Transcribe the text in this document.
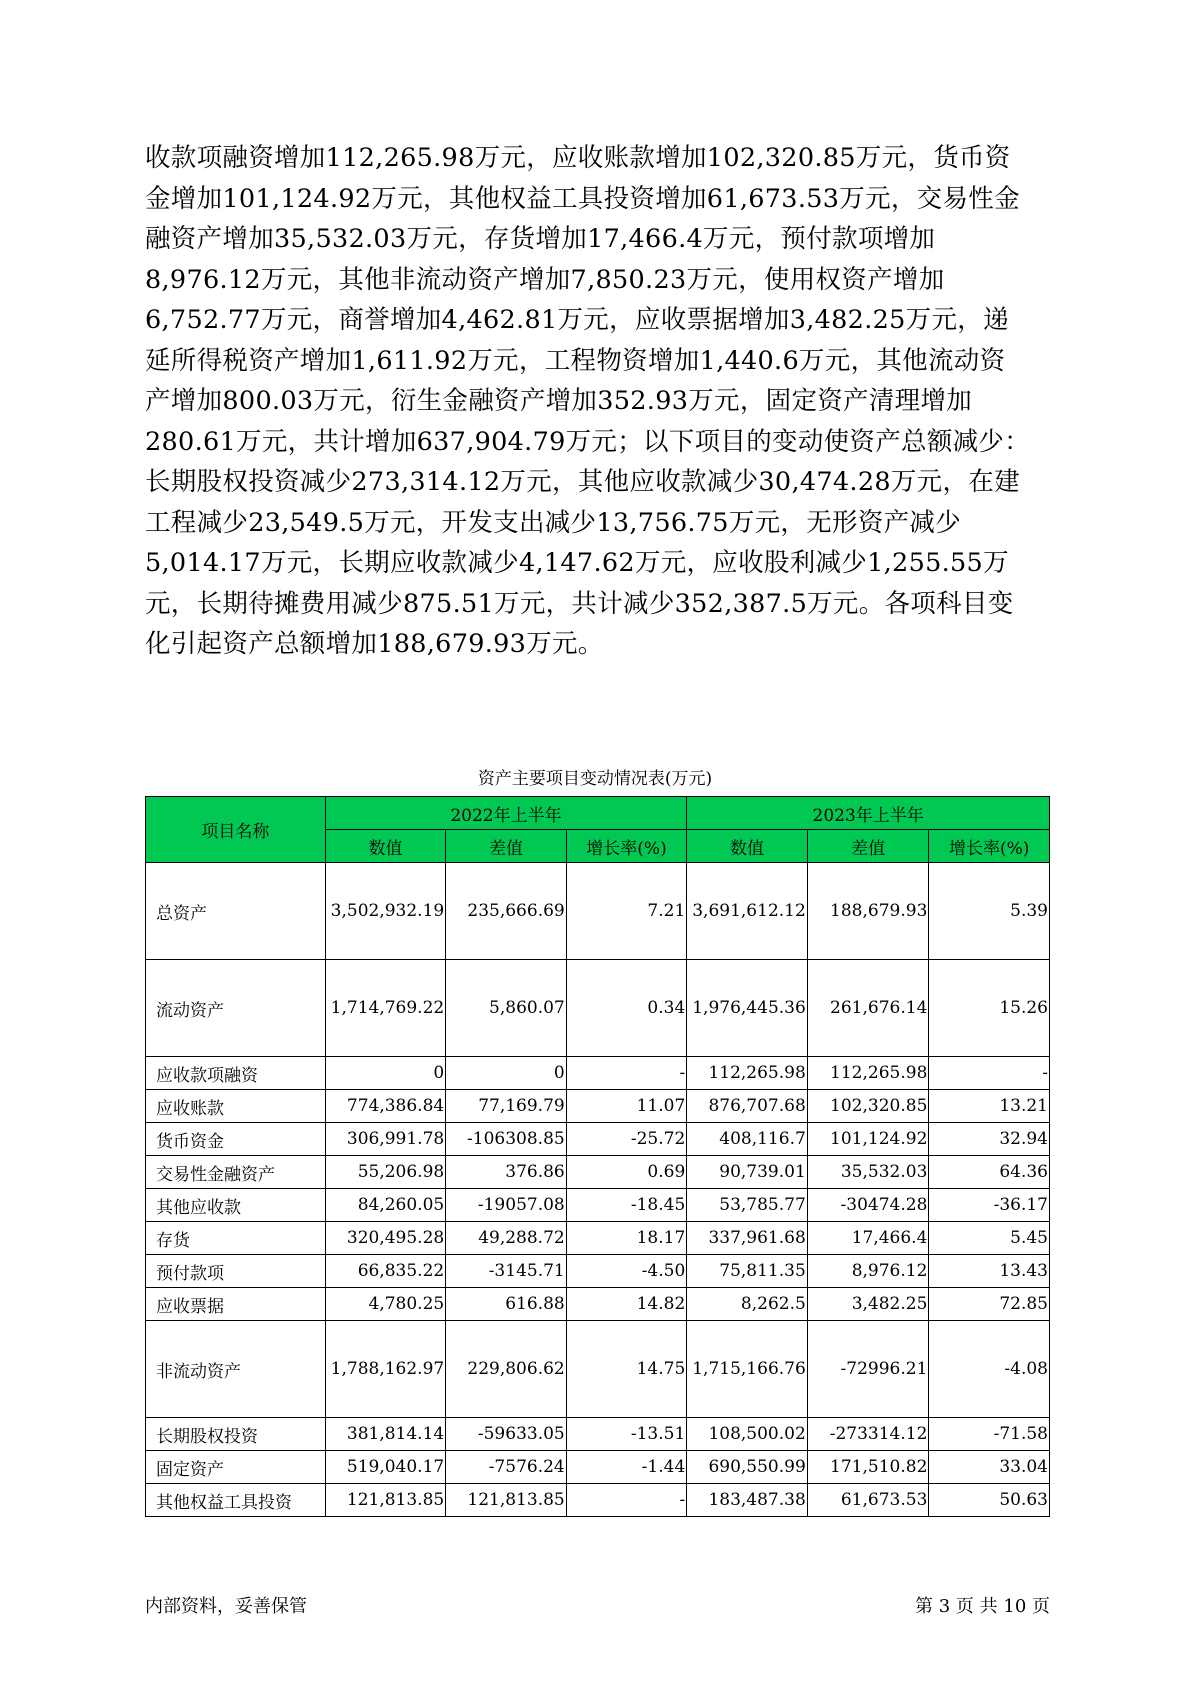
收款项融资增加112,265.98万元，应收账款增加102,320.85万元，货币资
金增加101,124.92万元，其他权益工具投资增加61,673.53万元，交易性金
融资产增加35,532.03万元，存货增加17,466.4万元，预付款项增加
8,976.12万元，其他非流动资产增加7,850.23万元，使用权资产增加
6,752.77万元，商誉增加4,462.81万元，应收票据增加3,482.25万元，递
延所得税资产增加1,611.92万元，工程物资增加1,440.6万元，其他流动资
产增加800.03万元，衍生金融资产增加352.93万元，固定资产清理增加
280.61万元，共计增加637,904.79万元；以下项目的变动使资产总额减少：
长期股权投资减少273,314.12万元，其他应收款减少30,474.28万元，在建
工程减少23,549.5万元，开发支出减少13,756.75万元，无形资产减少
5,014.17万元，长期应收款减少4,147.62万元，应收股利减少1,255.55万
元，长期待摊费用减少875.51万元，共计减少352,387.5万元。各项科目变
化引起资产总额增加188,679.93万元。
资产主要项目变动情况表(万元)
项目名称	2022年上半年			2023年上半年		
	数值	差值	增长率(%)	数值	差值	增长率(%)
总资产	3,502,932.19	235,666.69	7.21	3,691,612.12	188,679.93	5.39
流动资产	1,714,769.22	5,860.07	0.34	1,976,445.36	261,676.14	15.26
应收款项融资	0	0	-	112,265.98	112,265.98	-
应收账款	774,386.84	77,169.79	11.07	876,707.68	102,320.85	13.21
货币资金	306,991.78	-106308.85	-25.72	408,116.7	101,124.92	32.94
交易性金融资产	55,206.98	376.86	0.69	90,739.01	35,532.03	64.36
其他应收款	84,260.05	-19057.08	-18.45	53,785.77	-30474.28	-36.17
存货	320,495.28	49,288.72	18.17	337,961.68	17,466.4	5.45
预付款项	66,835.22	-3145.71	-4.50	75,811.35	8,976.12	13.43
应收票据	4,780.25	616.88	14.82	8,262.5	3,482.25	72.85
非流动资产	1,788,162.97	229,806.62	14.75	1,715,166.76	-72996.21	-4.08
长期股权投资	381,814.14	-59633.05	-13.51	108,500.02	-273314.12	-71.58
固定资产	519,040.17	-7576.24	-1.44	690,550.99	171,510.82	33.04
其他权益工具投资	121,813.85	121,813.85	-	183,487.38	61,673.53	50.63
内部资料，妥善保管	第 3 页 共 10 页
